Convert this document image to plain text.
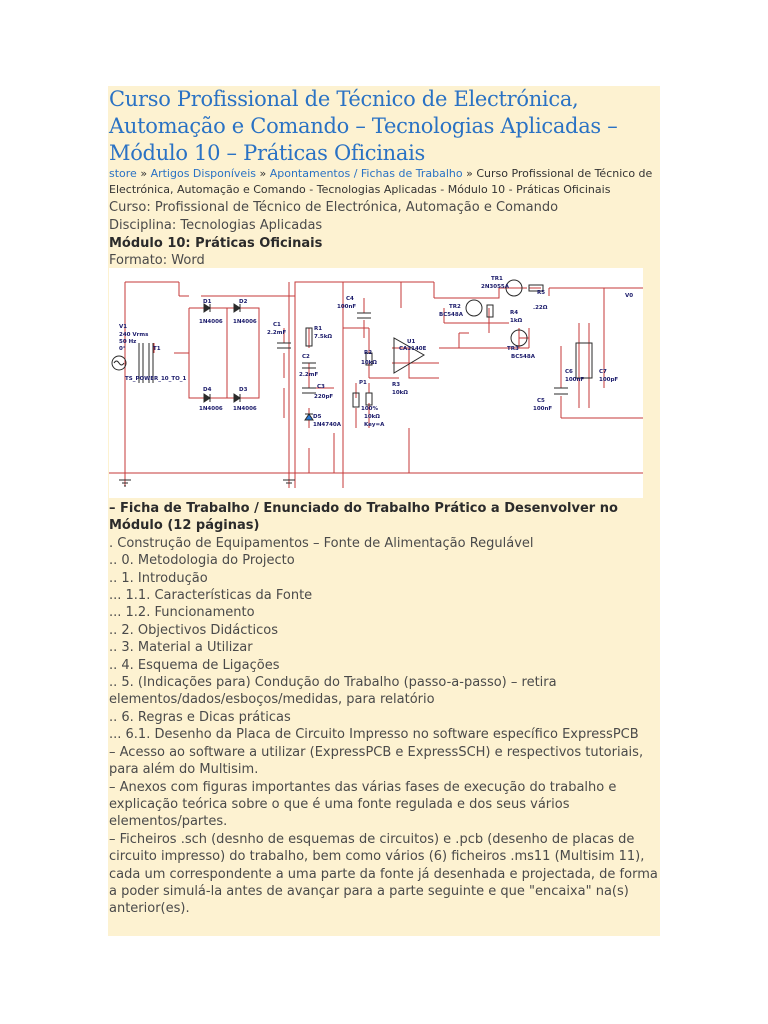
Curso Profissional de Técnico de Electrónica,
Automação e Comando – Tecnologias Aplicadas –
Módulo 10 – Práticas Oficinais
store » Artigos Disponíveis » Apontamentos / Fichas de Trabalho » Curso Profissional de Técnico de Electrónica, Automação e Comando - Tecnologias Aplicadas - Módulo 10 - Práticas Oficinais
Curso: Profissional de Técnico de Electrónica, Automação e Comando
Disciplina: Tecnologias Aplicadas
Módulo 10: Práticas Oficinais
Formato: Word
V1
240 Vrms
50 Hz
0°	T1
TS_POWER_10_TO_1
D1
1N4006
D2
1N4006
D4
1N4006
D3
1N4006
C1
2.2mF
C2
2.2mF
R1
7.5kΩ
C3
220pF
D5
1N4740A
C4
100nF
R2
10kΩ
P1
100%
10kΩ
Key=A
R3
10kΩ
U1
CA3140E
TR1
2N3055A
TR2
BC548A
TR3
BC548A
R4
1kΩ
R5
.22Ω
C5
100nF
C6
100nF
C7
100pF
V0

– Ficha de Trabalho / Enunciado do Trabalho Prático a Desenvolver no Módulo (12 páginas)

. Construção de Equipamentos – Fonte de Alimentação Regulável

.. 0. Metodologia do Projecto

.. 1. Introdução

... 1.1. Características da Fonte

... 1.2. Funcionamento

.. 2. Objectivos Didácticos

.. 3. Material a Utilizar

.. 4. Esquema de Ligações

.. 5. (Indicações para) Condução do Trabalho (passo-a-passo) – retira elementos/dados/esboços/medidas, para relatório

.. 6. Regras e Dicas práticas

... 6.1. Desenho da Placa de Circuito Impresso no software específico ExpressPCB

– Acesso ao software a utilizar (ExpressPCB e ExpressSCH) e respectivos tutoriais, para além do Multisim.

– Anexos com figuras importantes das várias fases de execução do trabalho e explicação teórica sobre o que é uma fonte regulada e dos seus vários elementos/partes.

– Ficheiros .sch (desnho de esquemas de circuitos) e .pcb (desenho de placas de circuito impresso) do trabalho, bem como vários (6) ficheiros .ms11 (Multisim 11), cada um correspondente a uma parte da fonte já desenhada e projectada, de forma a poder simulá-la antes de avançar para a parte seguinte e que "encaixa" na(s) anterior(es).
